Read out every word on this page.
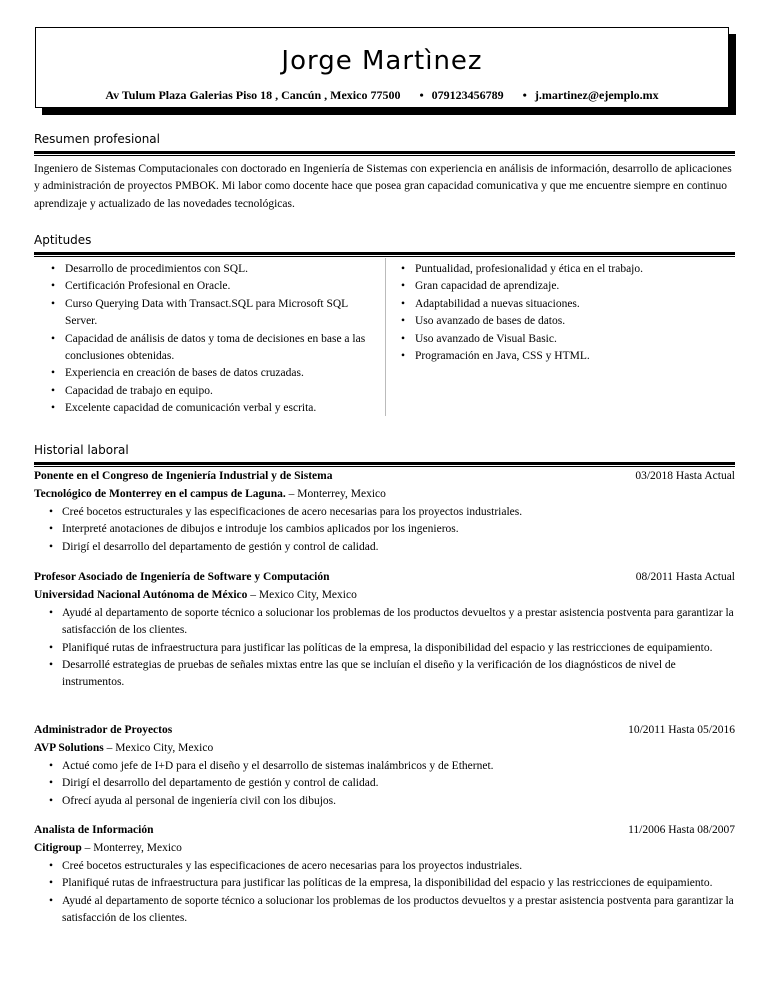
Jorge Martìnez
Av Tulum Plaza Galerias Piso 18 , Cancún , Mexico 77500 • 079123456789 • j.martinez@ejemplo.mx
Resumen profesional

Ingeniero de Sistemas Computacionales con doctorado en Ingeniería de Sistemas con experiencia en análisis de información, desarrollo de aplicaciones y administración de proyectos PMBOK. Mi labor como docente hace que posea gran capacidad comunicativa y que me encuentre siempre en continuo aprendizaje y actualizado de las novedades tecnológicas.

Aptitudes
• Desarrollo de procedimientos con SQL.
• Certificación Profesional en Oracle.
• Curso Querying Data with Transact.SQL para Microsoft SQL Server.
• Capacidad de análisis de datos y toma de decisiones en base a las conclusiones obtenidas.
• Experiencia en creación de bases de datos cruzadas.
• Capacidad de trabajo en equipo.
• Excelente capacidad de comunicación verbal y escrita.
• Puntualidad, profesionalidad y ética en el trabajo.
• Gran capacidad de aprendizaje.
• Adaptabilidad a nuevas situaciones.
• Uso avanzado de bases de datos.
• Uso avanzado de Visual Basic.
• Programación en Java, CSS y HTML.
Historial laboral
Ponente en el Congreso de Ingeniería Industrial y de Sistema	03/2018 Hasta Actual
Tecnológico de Monterrey en el campus de Laguna. – Monterrey, Mexico
• Creé bocetos estructurales y las especificaciones de acero necesarias para los proyectos industriales.
• Interpreté anotaciones de dibujos e introduje los cambios aplicados por los ingenieros.
• Dirigí el desarrollo del departamento de gestión y control de calidad.
Profesor Asociado de Ingeniería de Software y Computación	08/2011 Hasta Actual
Universidad Nacional Autónoma de México – Mexico City, Mexico
• Ayudé al departamento de soporte técnico a solucionar los problemas de los productos devueltos y a prestar asistencia postventa para garantizar la satisfacción de los clientes.
• Planifiqué rutas de infraestructura para justificar las políticas de la empresa, la disponibilidad del espacio y las restricciones de equipamiento.
• Desarrollé estrategias de pruebas de señales mixtas entre las que se incluían el diseño y la verificación de los diagnósticos de nivel de instrumentos.
Administrador de Proyectos	10/2011 Hasta 05/2016
AVP Solutions – Mexico City, Mexico
• Actué como jefe de I+D para el diseño y el desarrollo de sistemas inalámbricos y de Ethernet.
• Dirigí el desarrollo del departamento de gestión y control de calidad.
• Ofrecí ayuda al personal de ingeniería civil con los dibujos.
Analista de Información	11/2006 Hasta 08/2007
Citigroup – Monterrey, Mexico
• Creé bocetos estructurales y las especificaciones de acero necesarias para los proyectos industriales.
• Planifiqué rutas de infraestructura para justificar las políticas de la empresa, la disponibilidad del espacio y las restricciones de equipamiento.
• Ayudé al departamento de soporte técnico a solucionar los problemas de los productos devueltos y a prestar asistencia postventa para garantizar la satisfacción de los clientes.
